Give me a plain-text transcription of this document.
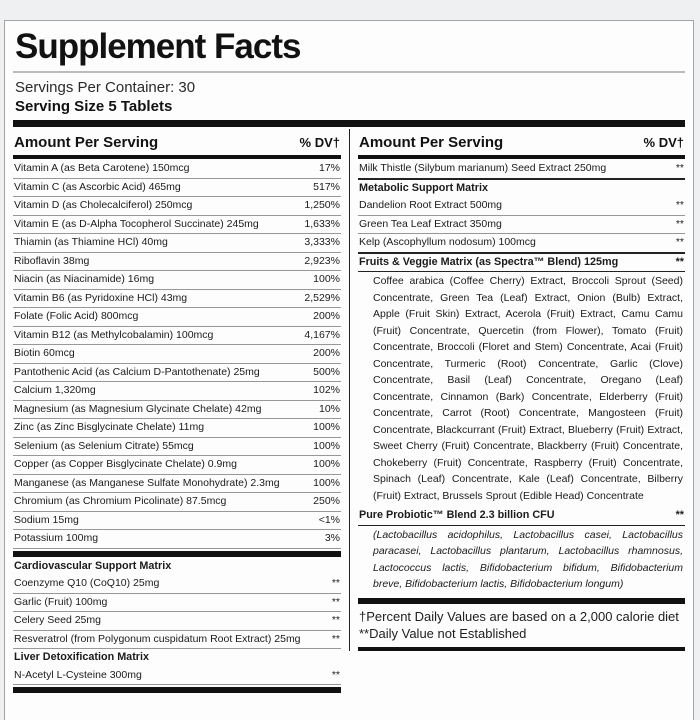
Supplement Facts
Servings Per Container: 30
Serving Size 5 Tablets
Amount Per Serving	% DV†
Vitamin A (as Beta Carotene) 150mcg	17%
Vitamin C (as Ascorbic Acid) 465mg	517%
Vitamin D (as Cholecalciferol) 250mcg	1,250%
Vitamin E (as D-Alpha Tocopherol Succinate) 245mg	1,633%
Thiamin (as Thiamine HCl) 40mg	3,333%
Riboflavin 38mg	2,923%
Niacin (as Niacinamide) 16mg	100%
Vitamin B6 (as Pyridoxine HCl) 43mg	2,529%
Folate (Folic Acid) 800mcg	200%
Vitamin B12 (as Methylcobalamin) 100mcg	4,167%
Biotin 60mcg	200%
Pantothenic Acid (as Calcium D-Pantothenate) 25mg	500%
Calcium 1,320mg	102%
Magnesium (as Magnesium Glycinate Chelate) 42mg	10%
Zinc (as Zinc Bisglycinate Chelate) 11mg	100%
Selenium (as Selenium Citrate) 55mcg	100%
Copper (as Copper Bisglycinate Chelate) 0.9mg	100%
Manganese (as Manganese Sulfate Monohydrate) 2.3mg	100%
Chromium (as Chromium Picolinate) 87.5mcg	250%
Sodium 15mg	<1%
Potassium 100mg	3%
Cardiovascular Support Matrix
Coenzyme Q10 (CoQ10) 25mg	**
Garlic (Fruit) 100mg	**
Celery Seed 25mg	**
Resveratrol (from Polygonum cuspidatum Root Extract) 25mg	**
Liver Detoxification Matrix
N-Acetyl L-Cysteine 300mg	**
Amount Per Serving	% DV†
Milk Thistle (Silybum marianum) Seed Extract 250mg	**
Metabolic Support Matrix
Dandelion Root Extract 500mg	**
Green Tea Leaf Extract 350mg	**
Kelp (Ascophyllum nodosum) 100mcg	**
Fruits & Veggie Matrix (as Spectra™ Blend) 125mg	**
Coffee arabica (Coffee Cherry) Extract, Broccoli Sprout (Seed) Concentrate, Green Tea (Leaf) Extract, Onion (Bulb) Extract, Apple (Fruit Skin) Extract, Acerola (Fruit) Extract, Camu Camu (Fruit) Concentrate, Quercetin (from Flower), Tomato (Fruit) Concentrate, Broccoli (Floret and Stem) Concentrate, Acai (Fruit) Concentrate, Turmeric (Root) Concentrate, Garlic (Clove) Concentrate, Basil (Leaf) Concentrate, Oregano (Leaf) Concentrate, Cinnamon (Bark) Concentrate, Elderberry (Fruit) Concentrate, Carrot (Root) Concentrate, Mangosteen (Fruit) Concentrate, Blackcurrant (Fruit) Extract, Blueberry (Fruit) Extract, Sweet Cherry (Fruit) Concentrate, Blackberry (Fruit) Concentrate, Chokeberry (Fruit) Concentrate, Raspberry (Fruit) Concentrate, Spinach (Leaf) Concentrate, Kale (Leaf) Concentrate, Bilberry (Fruit) Extract, Brussels Sprout (Edible Head) Concentrate
Pure Probiotic™ Blend 2.3 billion CFU	**
(Lactobacillus acidophilus, Lactobacillus casei, Lactobacillus paracasei, Lactobacillus plantarum, Lactobacillus rhamnosus, Lactococcus lactis, Bifidobacterium bifidum, Bifidobacterium breve, Bifidobacterium lactis, Bifidobacterium longum)
†Percent Daily Values are based on a 2,000 calorie diet
**Daily Value not Established
